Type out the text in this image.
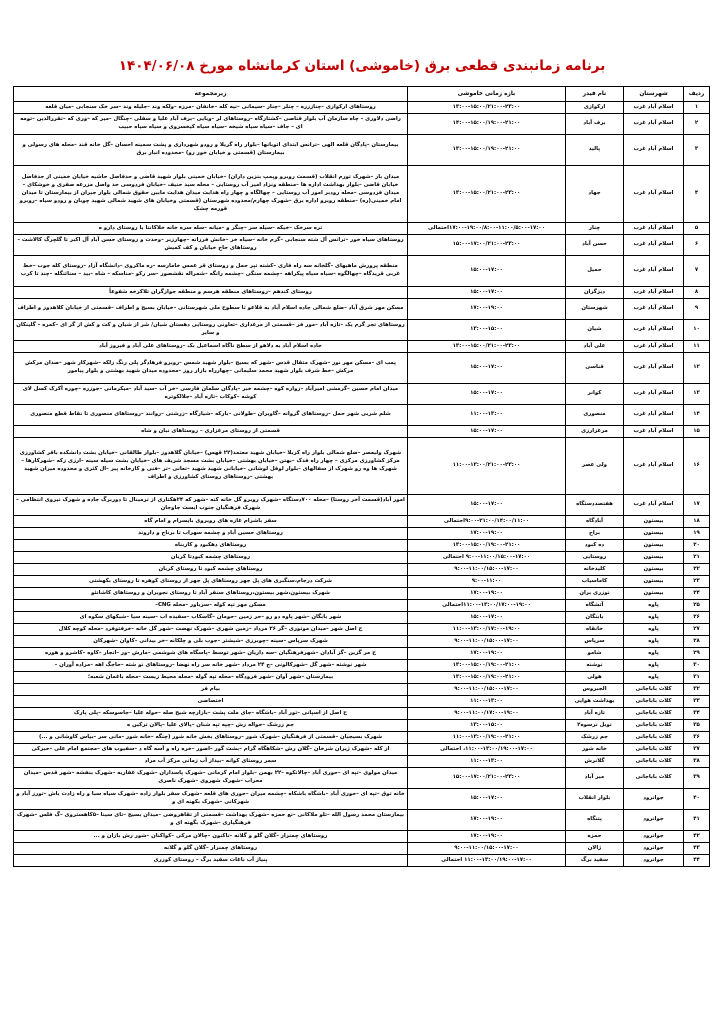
برنامه زمانبندی قطعی برق (خاموشی) استان کرمانشاه مورخ ۱۴۰۴/۰۶/۰۸
ردیف	شهرستان	نام فیدر	بازه زمانی خاموشی	زیرمجموعه
۱	اسلام آباد غرب	ارکوازی	۱۳:۰۰-۱۵:۰۰/۲۱:۰۰-۲۳:۰۰	روستاهای ارکوازی –چناززره – چنلر –چنار –سیمانی –نیه کله –خانفان –مرزه –ولکه وند –جلیله وند –سر خک سنجابی –میان قلعه
۲	اسلام آباد غرب	برف آباد	۱۴:۰۰-۱۵:۰۰/۱۹:۰۰-۲۱:۰۰	راضی دلاوری – چاه سازمان آب بلوار قناصی –کشتارگاه –روستاهای لر –ویایی –برف آباد علیا و سفلی –چنگال –میر که –وری که –تقررالدین –تومه ای – جاف –سیاه سیاه شیخه –سیاه سیاه کیخسروی و سیاه سیاه حبیب
۳	اسلام آباد غرب	پالید	۱۳:۰۰-۱۵:۰۰/۱۹:۰۰-۲۱:۰۰	بیمارستان –پادگان قلعه الهی –ترانس ابتدای اتوبانها –بلوار راه گریلا و رودو شهرداری و پشت سمینه احسان –گل خانه قند –محله های رسولی و بیمارستان (قسمتی و خیابان خور رو) –محدوده انبار برق
۴	اسلام آباد غرب	جهاد	۱۳:۰۰-۱۵:۰۰/۲۱:۰۰-۲۳:۰۰	میدان بار –شهرک تورم انقلاب (قسمت روبرو وپمپ بنزین داران) –خیابان خمینی بلوار شهید قاضی و حدفاصل حاشیه خیابان خمینی از حدفاصل خیابان قاضی –بلوار بهداشت اداره ها –منطقه ونزاد امیر آب روستایی – محله سید حنیف –خیابان فردوسی حد واصل مزرعه صفری و خوشکای –میدان فردوسی –محله رودبر امور آب روستایی – چهالگاه و چهار راه هدایت میدان هدایت مابین حقوق شمالی بلوار جبران از بیمارستان تا میدان امام خمینی(ره) –منطقه روبرو اداره برق –شهرک چهارم/محدوده شهرستان (قسمتی وخیابان های شهید شمالی شهید چوبان و رودو سیاه –روبرو قورمه چشک
۵	اسلام آباد غرب	چنار	۱۷:۰۰-۱۹:۰۰/۸:۰۰-۱۱:۰۰/۵:۰۰-۱۷:۰۰احتمالی	تره سرخک –خیکه –سیله سر –چنگر و –میانه –سله سره خانه خلاکانتا یا روستای دارو ه
۶	اسلام آباد غرب	حسن آباد	۱۵:۰۰-۱۷:۰۰/۲۱:۰۰-۲۳:۰۰	روستاهای سیاه خور –ترانس آل شته سنجابی –گرم خانه –سیاه خر –خانش فرزانه –چهارزبر –وحدت و روستای حسن آباد آل اکبر تا گلچرگ کالاشت – روستاهای حاج خیابان و کف کمیش
۷	اسلام آباد غرب	حمیل	۱۵:۰۰-۱۷:۰۰	منطقه پرورش ماهیهای –گلخانه سه راه فاری –کشته تپر حمل و روستای قر عمس خامارسه –ره ماکروی –دانشگاه آزاد –روستای کله جوب –خط غربی قریدگاه –چهالگوه –سیاه سیاه پیکراهه –چشمه سنگی –چشمه رانگه –شمراله نقشصور –سر رکو –مناسکه – شاه –بید – سنائنگله –چند تا کرب
۸	اسلام آباد غرب	دیزگران	۱۵:۰۰-۱۷:۰۰	روستای کندهم –روستاهای منطقه هرسم و منطقه جوازگران تلاکرخه شفوعاً
۹	اسلام آباد غرب	شهرستان	۱۷:۰۰-۱۹:۰۰	مسکن مهر شرق آباد –ضلع شمالی جاده اسلام آباد به قلاعو تا سطوح ملی شهرستانی –خیابان بسیج و اطراف –قسمتی از خیابان کلاهدوز و اطراف
۱۰	اسلام آباد غرب	شیان	۱۳:۰۰-۱۵:۰۰	روستاهای تجر گرم یک –تازه آباد –مور فر –قسمتی از مرغداری –تعاونی روستایی دهستان شیان/ شر از شیان و کت و کش از گر ای –کمره – گلینکان و سایر
۱۱	اسلام آباد غرب	علی آباد	۱۳:۰۰-۱۵:۰۰/۲۱:۰۰-۲۳:۰۰	جاده اسلام آباد به دلاهو از سطح ناگاه اسماعیل بک –روستاهای علی آباد و فیروز آباد
۱۲	اسلام آباد غرب	قناسی	۱۵:۰۰-۱۷:۰۰	پمب ای –مسکن مهر نور –شهرک متقال قدس –شهر که بسیج –بلوار شهید شمس –روبرو فرهادگر پلی رنگ زلکه –شهرکار شهر –صدان مرکش مرکش –خط شرف بلوار شهید محمد سلیمانی –چهارراه بازار روز –محدوده میدان شهید بهشتی و بلوار پیامور
۱۳	اسلام آباد غرب	کوانر	۱۵:۰۰-۱۷:۰۰	میدان امام حسین –گرمشی امیرآباد –زواره کوه –چشمه خبر –پادگان سلمان فارسی –خر آب –سید آباد –میکرمانی –جوزره –چوره آکرک کسل لای کوشه –کوکاب –تازه آباد –جلالکوتره
۱۴	اسلام آباد غرب	منصوری	۱۱:۰۰-۱۳:۰۰	شلم شربی شهر حمل –روستاهای گروانه –گاوبران –طولانی –بارکه –شیارگاه –زرشتی –روانند –روستاهای منصوری تا نقاط قطع منصوری
۱۵	اسلام آباد غرب	مرغزارزی	۱۵:۰۰-۱۷:۰۰	قسمتی از روستای مرغزاری – روستاهای نبان و شاه
۱۶	اسلام آباد غرب	ولی عصر	۱۱:۰۰-۱۳:۰۰/۲۱:۰۰-۲۳:۰۰	شهرک ولیعصر –ضلع شمالی بلوار راه کربلا –خیابان شهید معتمد(۲۲ قهس) –خیابان گلاهدوز –بلوار طالقانی –خیابان بشت دانشکده باقر کشاورزی مرکز کشاورزی مرکزی – چهار راه فدک –بهتن –خیابان بهشتی –خیابان بشت مسجد شریف های –خیابان بشت سیله سینه –ارزی زکه –شهرکارها –شهرک ها وه رو شهرک از سفالهای –بلوار لوقل لوشانی –خیابانی شهید شهید –تعانی –تر –فنی و کارخانه پیر –ال کثری و محدوده میران شهید بهشتی –روستاهای روستای کشاورزی و اطراف
۱۷	اسلام آباد غرب	هفتصددستگاه	۱۵:۰۰-۱۷:۰۰	امور آباد(قسمت آخر روستا) –محله ۷۰۰دستگاه –شهرک روبرو گل خانه کنه –شهر که ۲۴هکتاری از ترمینال تا دوربرگ جاده و شهرک نیروی انتظامی – شهرک فرهنگیان جنوب ایست جاوجان
۱۸	بیستون	آبادگاه	۹:۰۰-۲۱:۰۰/۱۴:۰۰/۱۱:۰۰احتمالی	سفر باشرام غازه های روبروی بایسرام و امام گاه
۱۹	بیستون	براج	۱۷:۰۰-۱۹:۰۰	روستاهای حسین آباد و چشمه سهراب تا برناج و داروند
۲۰	بیستون	ده کبود	۱۳:۰۰-۱۵:۰۰/۱۹:۰۰-۲۱:۰۰	روستاهای دهکبود و کاربناه
۲۱	بیستون	روستایی	۹:۰۰-۱۱:۰۰/۱۵:۰۰-۱۷:۰۰ احتمالی	روستاهای چشمه کبودتا کربان
۲۲	بیستون	کلیدخانه	۹:۰۰-۱۱:۰۰/۱۵:۰۰-۱۷:۰۰	روستاهای چشمه کبود تا روستای کربان
۲۳	بیستون	کاماسیاب	۹:۰۰-۱۱:۰۰	شرکت درجام،سنگبری های پل جهر روستاهای پل جهر از روستای کوهره تا روستای بکهشتی
۲۴	بیستون	نوزری بران	۱۷:۰۰-۱۹:۰۰	شهرک بیستون،شهر بیستون،روستاهای سنفر آباد تا روستای نجوبران و روستاهای کاشانئو
۲۵	پاوه	آتشگاه	۱۱:۰۰-۱۳:۰۰/۱۷:۰۰-۱۹:۰۰احتمالی	مسکن مهر تپه کوله –سرباور –محله CNG–
۲۶	پاوه	بابنگان	۱۵:۰۰-۱۷:۰۰	شهر بابگان –شهر پاوه دو رو –حر زمین –حومان –گاسکاب –سفیده اب –سینه سیا –شبکهای سکوه ای
۲۷	پاوه	خانقاه	۱۱:۰۰-۱۳:۰۰/۱۷:۰۰-۱۹:۰۰	ح اصل شهر –میدان موتوری –گر ۲۶ مرداد –زمین شهری –شهرک نهضت –شهر گل خانه –خرفتوفرد –محله کوچه کلال
۲۸	پاوه	سرپاس	۹:۰۰-۱۱:۰۰/۱۵:۰۰-۱۷:۰۰	شهرک سرپاس –سینه –چوبرزی –شیشتر –جوب بلی و چلکانه –خر بیدانی –کاوان –شهرکان
۲۹	پاوه	شامو	۱۷:۰۰-۱۹:۰۰	ح مر گزین –گز آبادان –شهرفرهنگیان –سه داریان –شهر توسط –پاسگاه های شوشمی –مارش –ور –انجار –کاوه –کاشرو و هوره
۳۰	پاوه	نوشنه	۱۳:۰۰-۱۵:۰۰/۱۹:۰۰-۲۱:۰۰	شهر نوشته –شهر گل –شهرکالونی –چ ۲۴ مرداد –شهر خانه سر راه نهضا –روستاهای نو شته –حاجگ اهه –مراده آوران –
۳۱	پاوه	هولی	۱۳:۰۰-۱۵:۰۰/۱۹:۰۰-۲۱:۰۰	بیمارستان –شهر آوان –شهر فرودگاه –محله تپه گوله –محله محیط زیست –محله باغمان شعبه؛
۳۲	کلات باباجانی	الجبروس	۹:۰۰-۱۱:۰۰/۱۵:۰۰-۱۷:۰۰	بیام فر
۳۳	کلات باباجانی	بهداشت هوایی	۱۱:۰۰-۱۳:۰۰	اختصاصی
۳۴	کلات باباجانی	تازه آباد	۹:۰۰-۱۱:۰۰/۱۷:۰۰-۱۹:۰۰	ح اصل از اسپانی –تور آباد –باشگاه –جای ملت پشت –بازارچه شیخ صله –حوله علیا –جاسوسکه –پلی پارک
۳۵	کلات باباجانی	توبل نرسوه۲	۱۳:۰۰-۱۵:۰۰	جم زرشک –حواله زش –چپه تپه شنان –پالای علیا –پالان ترکین ه
۳۶	کلات باباجانی	جم زرشک	۱۱:۰۰-۱۳:۰۰/۱۹:۰۰-۲۱:۰۰	شهرک بسیجیان –قسمتی از فرهنگیان –شهرک شور –روستاهای بخش خانه شور (چنگه –خانه شور –مانی سر –بیاس کاوشانی و ...)
۳۷	کلات باباجانی	خانه شور	۱۱:۰۰-۱۳:۰۰/۱۹:۰۰-۱۷:۰۰، احتمالی	از کله –شهرک ژیران شرخان –گلان رش –شکاهگاه گرام –بشت گور –اصور –خره راه و آسه گاه د –سفیوب های –مجتمع امام علی –حبرکی
۳۸	کلات باباجانی	گلانرش	۱۱:۰۰-۱۳:۰۰	سمر روستای کوانه –بیداز آب زمانی مرکز آب مراد
۳۹	کلات باباجانی	میر آباد	۱۵:۰۰-۱۷:۰۰/۲۱:۰۰-۲۳:۰۰	میدان مولوی –تپه ای –حوری آباد –چالانکوه –۲۲ بهمن –بلوار امام کرمانی –شهرک پاسداران –شهرک غفاریه –شهرک بنفشه –شهر قدس –میدان محراب –شهرک شهروی –شهرک ناصری
۴۰	جوانرود	بلوار انقلاب	۱۵:۰۰-۱۷:۰۰	خانه توق –تپه ای –حوری آباد –باشگاه باشکاه –چشمه میران –حوری های قلعه –شهرک سفر بلوار زاده –شهرک سیاه سبا و راه زادت باش –تورز آباد و شهرکانی –شهرک بکهنه ای و
۴۱	جوانرود	پتنگاه	۱۷:۰۰-۱۹:۰۰	بیمارستان محمد رسول الله –تلو ملاکانی –تع حمزه –شهرک بهداشت –قسمتی از تقاهروضی –میدان بسیج –تای سینا –۵کاهستروی –گ فلس –شهرک فرهنگیاری –شهرک بگهنه ای و
۴۲	جوانرود	حمزه	۱۷:۰۰-۱۹:۰۰	روستاهای چمنزار –گلان گلو و گلانه –تاکنون –چالان مرکی –کواکنان –شور رش بازان و ...
۴۳	جوانرود	ژالان	۹:۰۰-۱۱:۰۰/۱۵:۰۰-۱۷:۰۰	روستاهای چمنزار –گلان گلو و گلانه
۴۴	جوانرود	سفید برگ	۱۱:۰۰-۱۳:۰۰/۱۹:۰۰-۱۷:۰۰ احتمالی	پنیاژ آب باغات سفید برگ – روستای کوزری
